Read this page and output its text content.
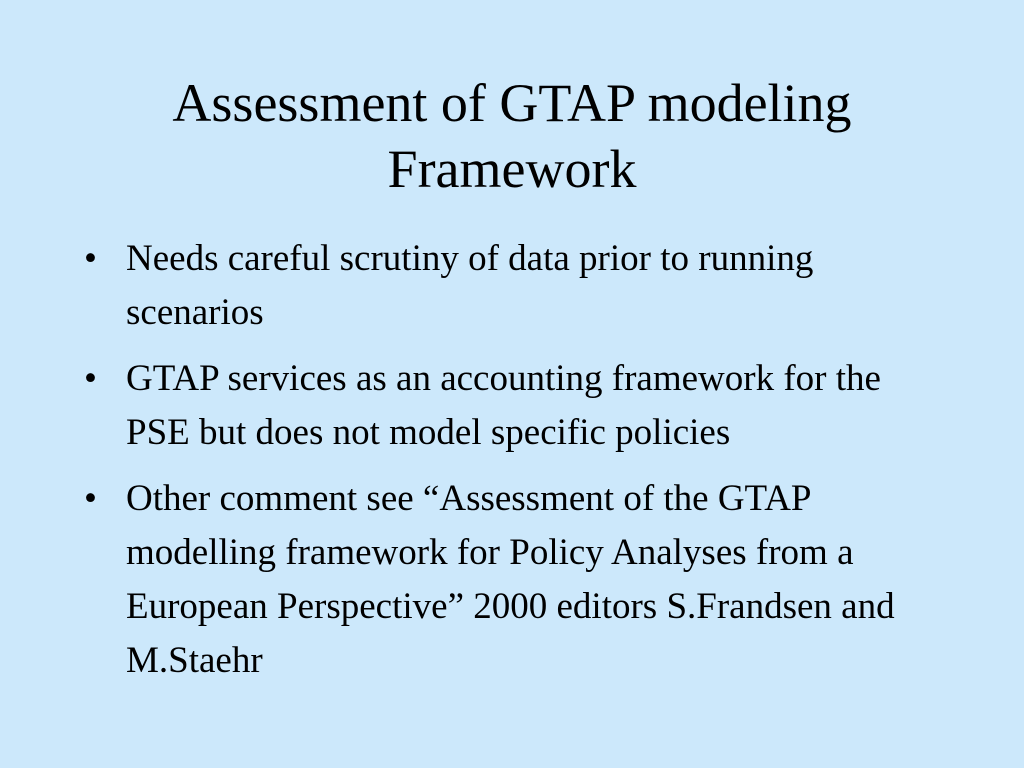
Assessment of GTAP modeling Framework
• Needs careful scrutiny of data prior to running scenarios
• GTAP services as an accounting framework for the PSE but does not model specific policies
• Other comment see “Assessment of the GTAP modelling framework for Policy Analyses from a European Perspective” 2000 editors S.Frandsen and M.Staehr
